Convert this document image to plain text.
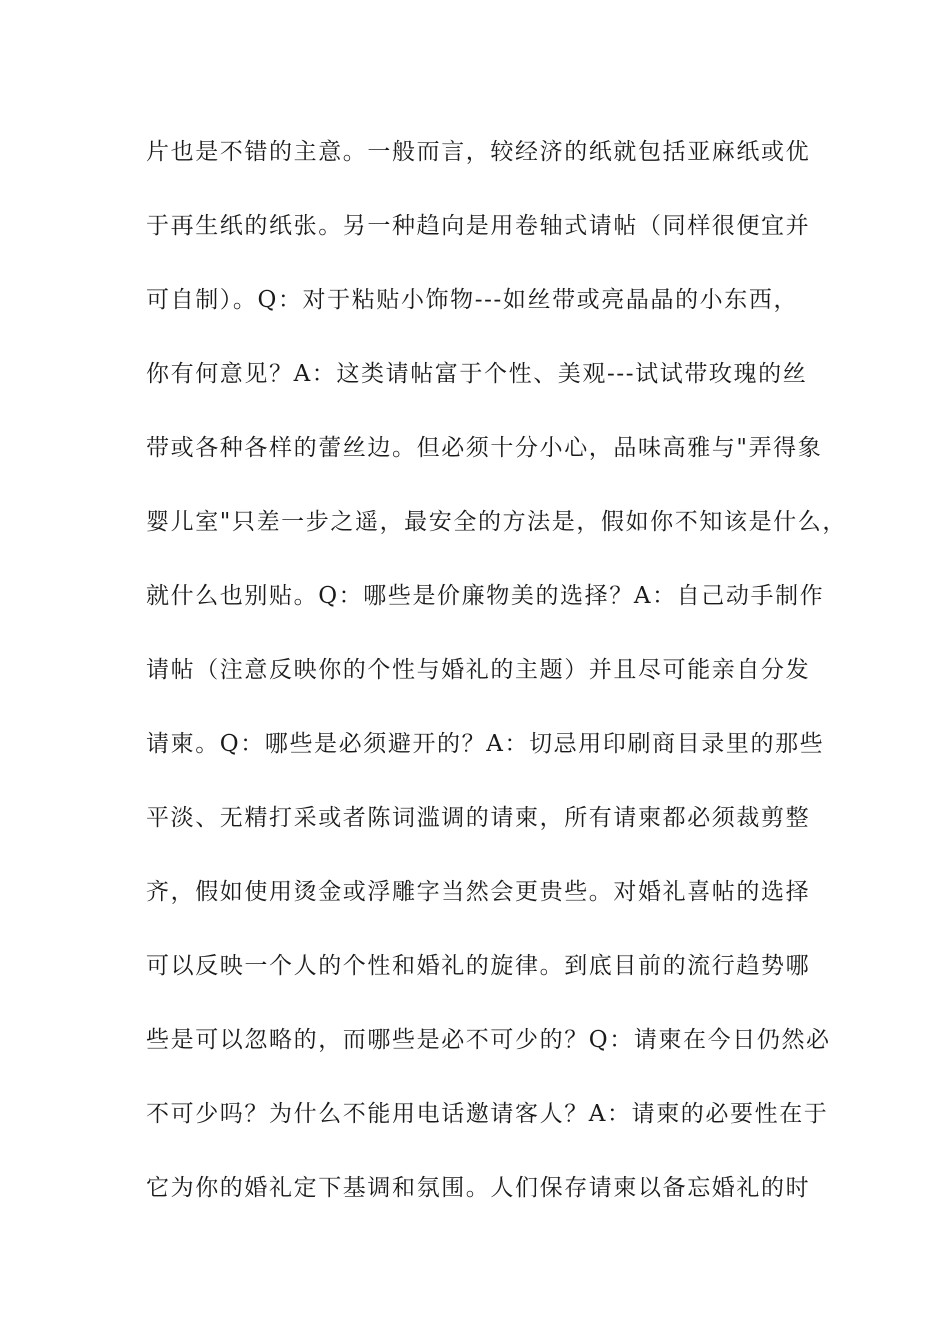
片也是不错的主意。一般而言，较经济的纸就包括亚麻纸或优
于再生纸的纸张。另一种趋向是用卷轴式请帖（同样很便宜并
可自制）。Q：对于粘贴小饰物---如丝带或亮晶晶的小东西，
你有何意见？A：这类请帖富于个性、美观---试试带玫瑰的丝
带或各种各样的蕾丝边。但必须十分小心，品味高雅与"弄得象
婴儿室"只差一步之遥，最安全的方法是，假如你不知该是什么，
就什么也别贴。Q：哪些是价廉物美的选择？A：自己动手制作
请帖（注意反映你的个性与婚礼的主题）并且尽可能亲自分发
请柬。Q：哪些是必须避开的？A：切忌用印刷商目录里的那些
平淡、无精打采或者陈词滥调的请柬，所有请柬都必须裁剪整
齐，假如使用烫金或浮雕字当然会更贵些。对婚礼喜帖的选择
可以反映一个人的个性和婚礼的旋律。到底目前的流行趋势哪
些是可以忽略的，而哪些是必不可少的？Q：请柬在今日仍然必
不可少吗？为什么不能用电话邀请客人？A：请柬的必要性在于
它为你的婚礼定下基调和氛围。人们保存请柬以备忘婚礼的时
